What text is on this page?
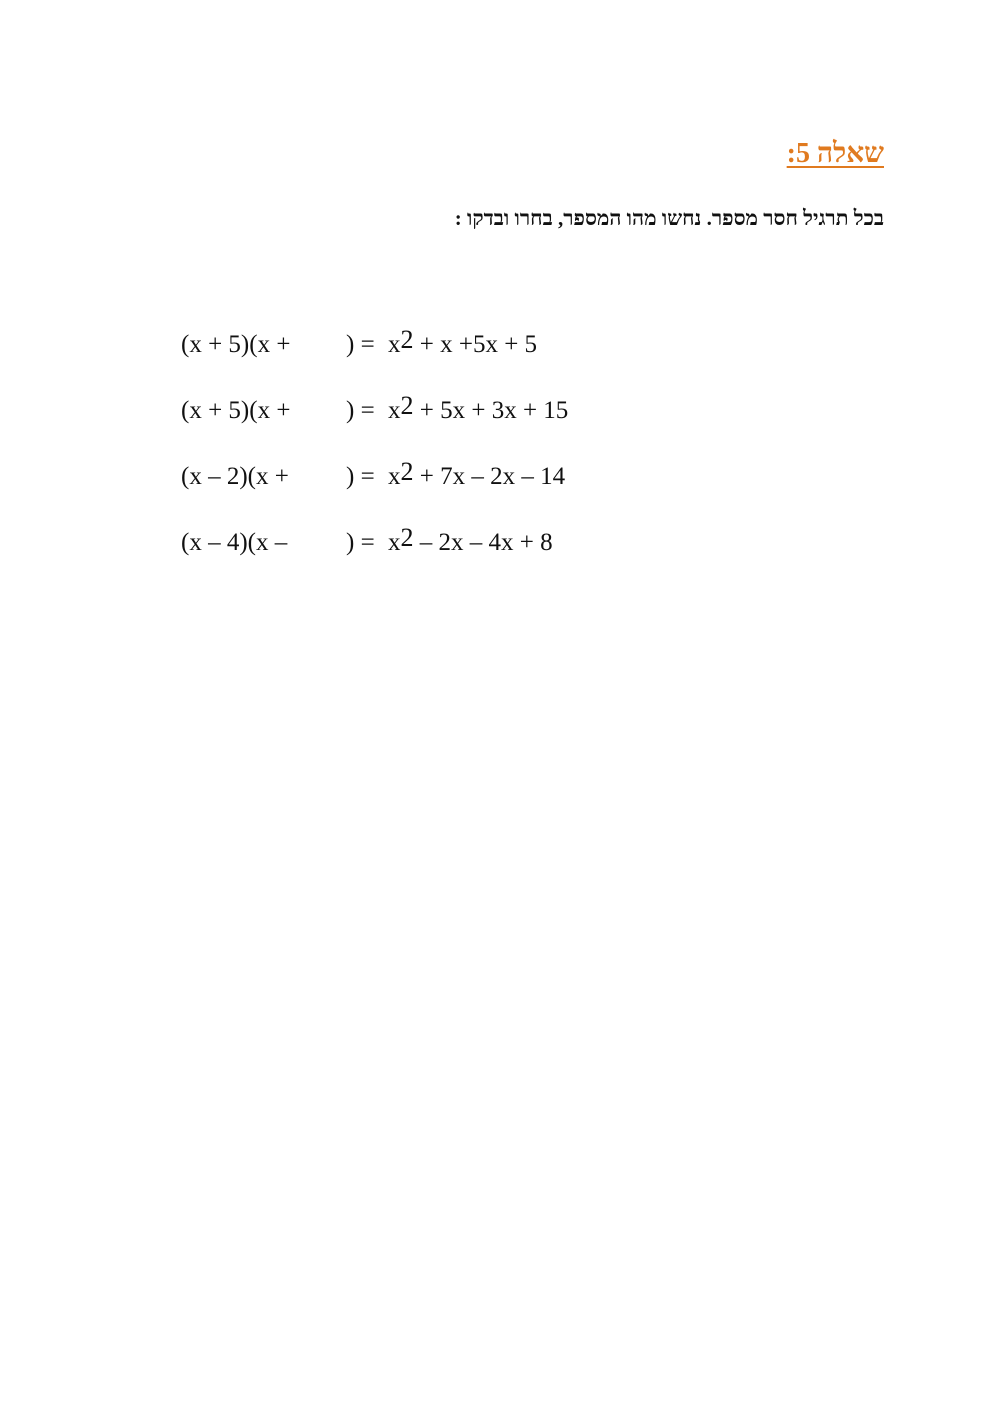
שאלה 5:
בכל תרגיל חסר מספר. נחשו מהו המספר, בחרו ובדקו :
(x + 5)(x + ) = $x^2 + x +5x + 5$
(x + 5)(x + ) = $x^2 + 5x + 3x + 15$
(x – 2)(x + ) = $x^2 + 7x - 2x - 14$
(x – 4)(x – ) = $x^2 - 2x - 4x + 8$
